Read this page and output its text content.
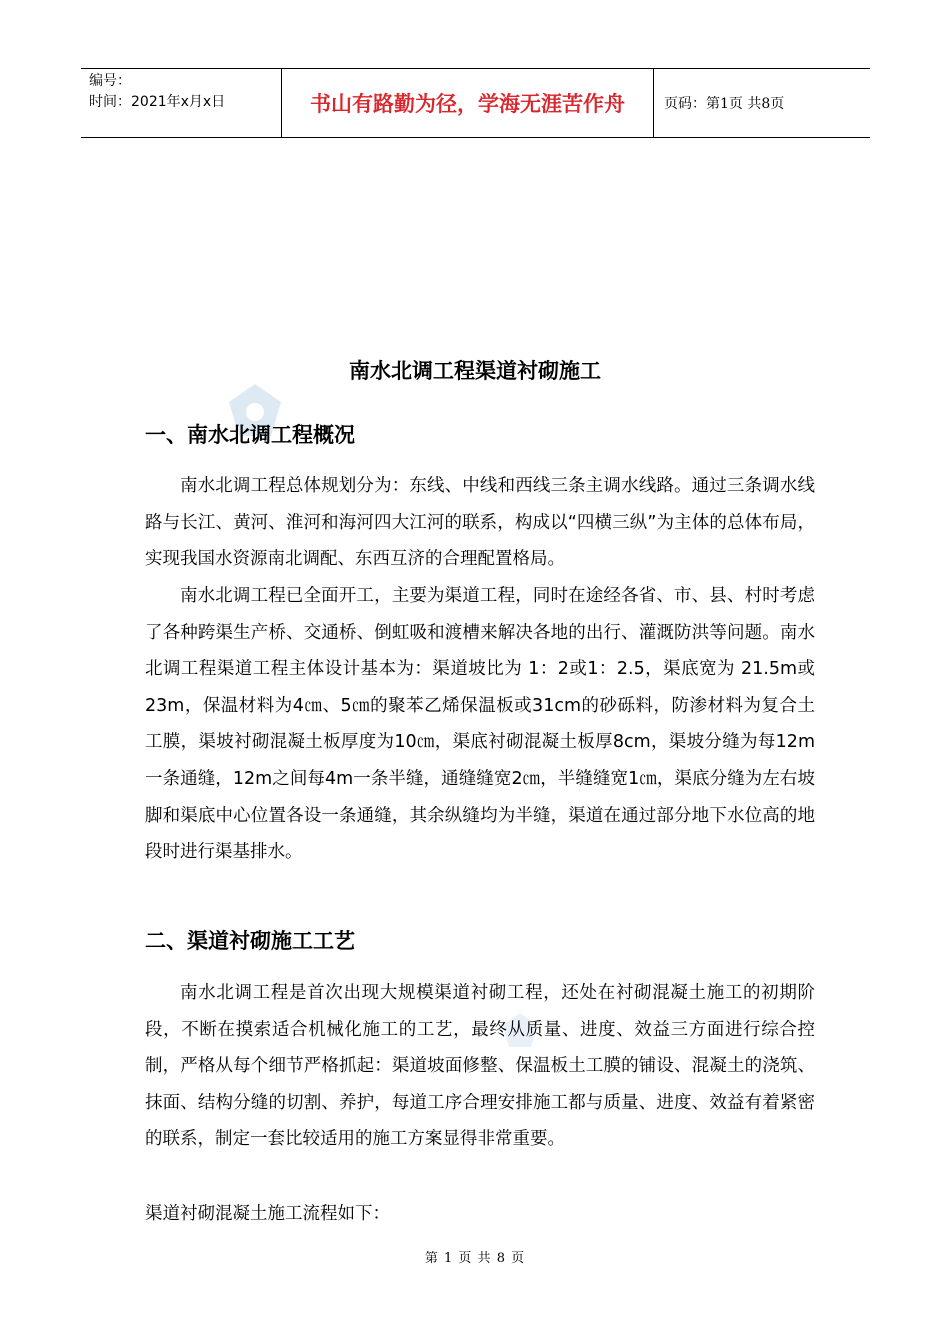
编号：
时间：2021年x月x日	书山有路勤为径，学海无涯苦作舟	页码：第1页 共8页
南水北调工程渠道衬砌施工
一、南水北调工程概况
南水北调工程总体规划分为：东线、中线和西线三条主调水线路。通过三条调水线路与长江、黄河、淮河和海河四大江河的联系，构成以“四横三纵”为主体的总体布局，实现我国水资源南北调配、东西互济的合理配置格局。
南水北调工程已全面开工，主要为渠道工程，同时在途经各省、市、县、村时考虑了各种跨渠生产桥、交通桥、倒虹吸和渡槽来解决各地的出行、灌溉防洪等问题。南水北调工程渠道工程主体设计基本为：渠道坡比为 1：2或1：2.5，渠底宽为 21.5m或23m，保温材料为4㎝、5㎝的聚苯乙烯保温板或31cm的砂砾料，防渗材料为复合土工膜，渠坡衬砌混凝土板厚度为10㎝，渠底衬砌混凝土板厚8cm，渠坡分缝为每12m一条通缝，12m之间每4m一条半缝，通缝缝宽2㎝，半缝缝宽1㎝，渠底分缝为左右坡脚和渠底中心位置各设一条通缝，其余纵缝均为半缝，渠道在通过部分地下水位高的地段时进行渠基排水。
二、渠道衬砌施工工艺
南水北调工程是首次出现大规模渠道衬砌工程，还处在衬砌混凝土施工的初期阶段，不断在摸索适合机械化施工的工艺，最终从质量、进度、效益三方面进行综合控制，严格从每个细节严格抓起：渠道坡面修整、保温板土工膜的铺设、混凝土的浇筑、抹面、结构分缝的切割、养护，每道工序合理安排施工都与质量、进度、效益有着紧密的联系，制定一套比较适用的施工方案显得非常重要。
渠道衬砌混凝土施工流程如下：
第 1 页 共 8 页
